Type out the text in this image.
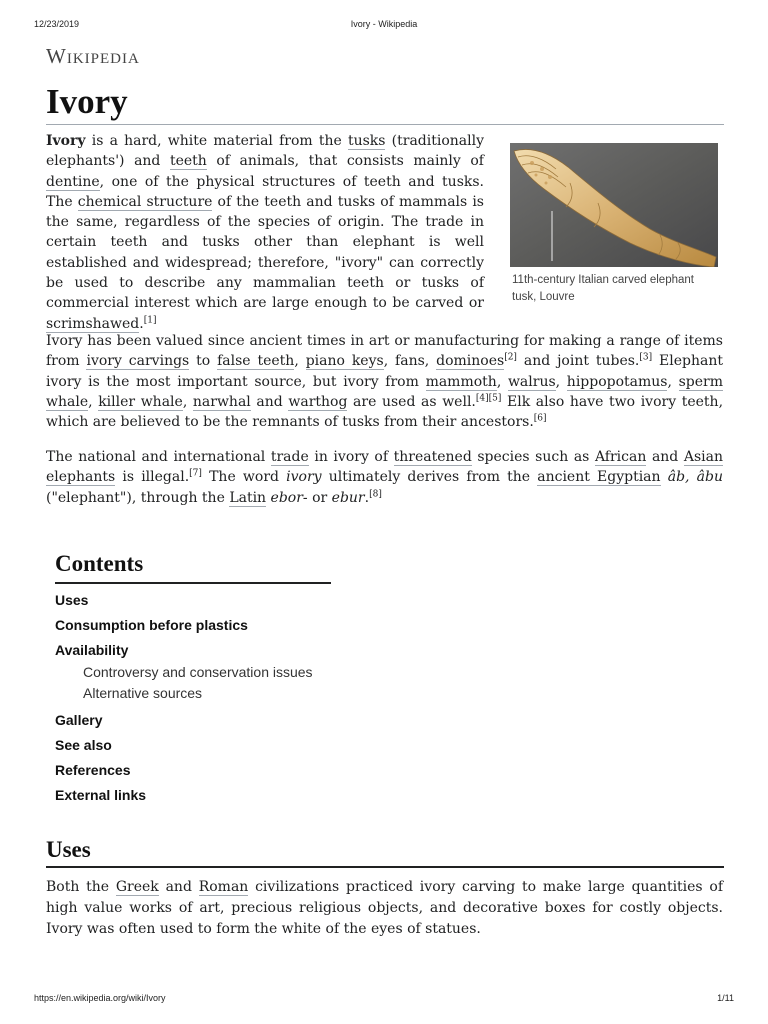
12/23/2019	Ivory - Wikipedia
Wikipedia
Ivory

Ivory is a hard, white material from the tusks (traditionally elephants') and teeth of animals, that consists mainly of dentine, one of the physical structures of teeth and tusks. The chemical structure of the teeth and tusks of mammals is the same, regardless of the species of origin. The trade in certain teeth and tusks other than elephant is well established and widespread; therefore, "ivory" can correctly be used to describe any mammalian teeth or tusks of commercial interest which are large enough to be carved or scrimshawed.[1]

11th-century Italian carved elephant tusk, Louvre

Ivory has been valued since ancient times in art or manufacturing for making a range of items from ivory carvings to false teeth, piano keys, fans, dominoes[2] and joint tubes.[3] Elephant ivory is the most important source, but ivory from mammoth, walrus, hippopotamus, sperm whale, killer whale, narwhal and warthog are used as well.[4][5] Elk also have two ivory teeth, which are believed to be the remnants of tusks from their ancestors.[6]

The national and international trade in ivory of threatened species such as African and Asian elephants is illegal.[7] The word ivory ultimately derives from the ancient Egyptian âb, âbu ("elephant"), through the Latin ebor- or ebur.[8]

Contents
Uses
Consumption before plastics
Availability
Controversy and conservation issues
Alternative sources
Gallery
See also
References
External links
Uses

Both the Greek and Roman civilizations practiced ivory carving to make large quantities of high value works of art, precious religious objects, and decorative boxes for costly objects. Ivory was often used to form the white of the eyes of statues.

https://en.wikipedia.org/wiki/Ivory	1/11
